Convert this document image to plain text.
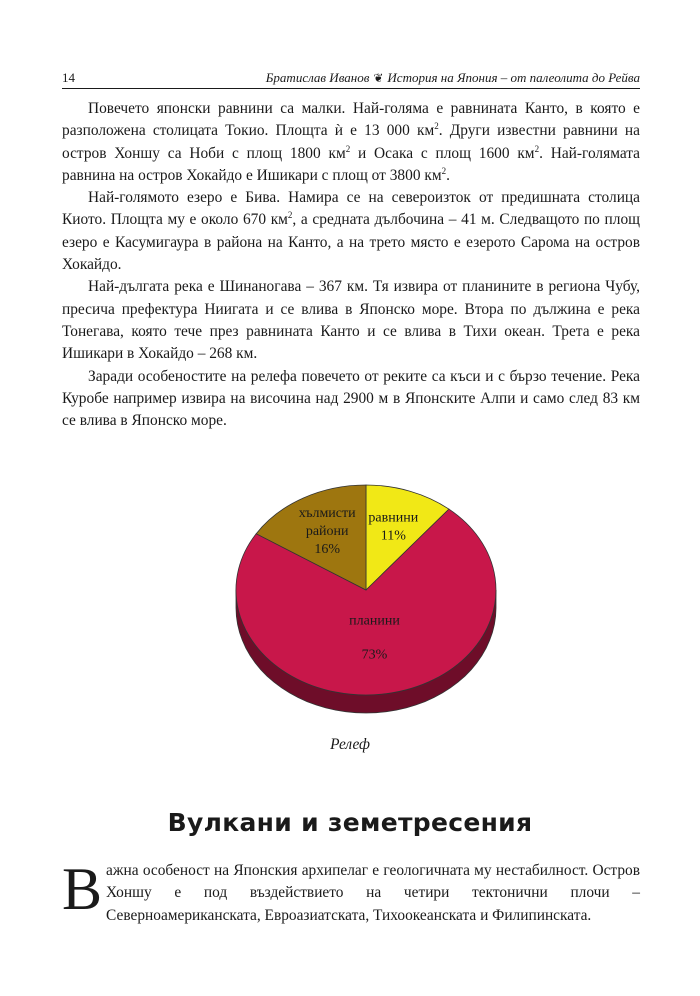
14	Братислав Иванов ❦ История на Япония – от палеолита до Рейва

Повечето японски равнини са малки. Най-голяма е равнината Канто, в която е разположена столицата Токио. Площта ѝ е 13 000 $км^2$. Други известни равнини на остров Хоншу са Ноби с площ 1800 $км^2$ и Осака с площ 1600 $км^2$. Най-голямата равнина на остров Хокайдо е Ишикари с площ от 3800 $км^2$.

Най-голямото езеро е Бива. Намира се на североизток от предишната столица Киото. Площта му е около 670 $км^2$, а средната дълбочина – 41 м. Следващото по площ езеро е Касумигаура в района на Канто, а на трето място е езерото Сарома на остров Хокайдо.

Най-дългата река е Шинаногава – 367 км. Тя извира от планините в региона Чубу, пресича префектура Ниигата и се влива в Японско море. Втора по дължина е река Тонегава, която тече през равнината Канто и се влива в Тихи океан. Трета е река Ишикари в Хокайдо – 268 км.

Заради особеностите на релефа повечето от реките са къси и с бързо течение. Река Куробе например извира на височина над 2900 м в Японските Алпи и само след 83 км се влива в Японско море.

равнини
11%
планини
73%
хълмисти
райони
16%
Релеф
Вулкани и земетресения

Важна особеност на Японския архипелаг е геологичната му нестабилност. Остров Хоншу е под въздействието на четири тектонични плочи – Северноамериканската, Евроазиатската, Тихоокеанската и Филипинската.
